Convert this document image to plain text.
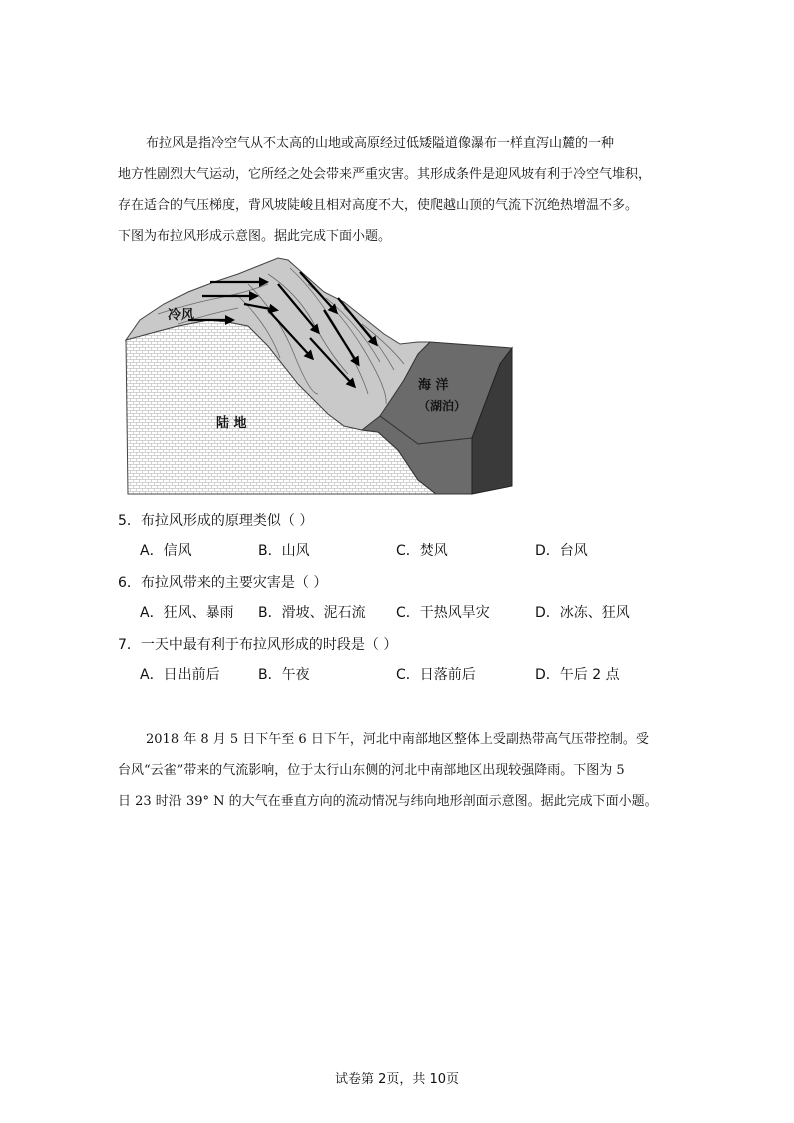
布拉风是指冷空气从不太高的山地或高原经过低矮隘道像瀑布一样直泻山麓的一种
地方性剧烈大气运动，它所经之处会带来严重灾害。其形成条件是迎风坡有利于冷空气堆积，
存在适合的气压梯度，背风坡陡峻且相对高度不大，使爬越山顶的气流下沉绝热增温不多。
下图为布拉风形成示意图。据此完成下面小题。
冷风
陆 地
海 洋
（湖泊）
5．布拉风形成的原理类似（ ）
A．信风	B．山风	C．焚风	D．台风
6．布拉风带来的主要灾害是（ ）
A．狂风、暴雨 B．滑坡、泥石流 C．干热风旱灾	D．冰冻、狂风
7．一天中最有利于布拉风形成的时段是（ ）
A．日出前后	B．午夜	C．日落前后	D．午后 2 点
2018 年 8 月 5 日下午至 6 日下午，河北中南部地区整体上受副热带高气压带控制。受
台风“云雀”带来的气流影响，位于太行山东侧的河北中南部地区出现较强降雨。下图为 5
日 23 时沿 39° N 的大气在垂直方向的流动情况与纬向地形剖面示意图。据此完成下面小题。
试卷第 2页，共 10页
